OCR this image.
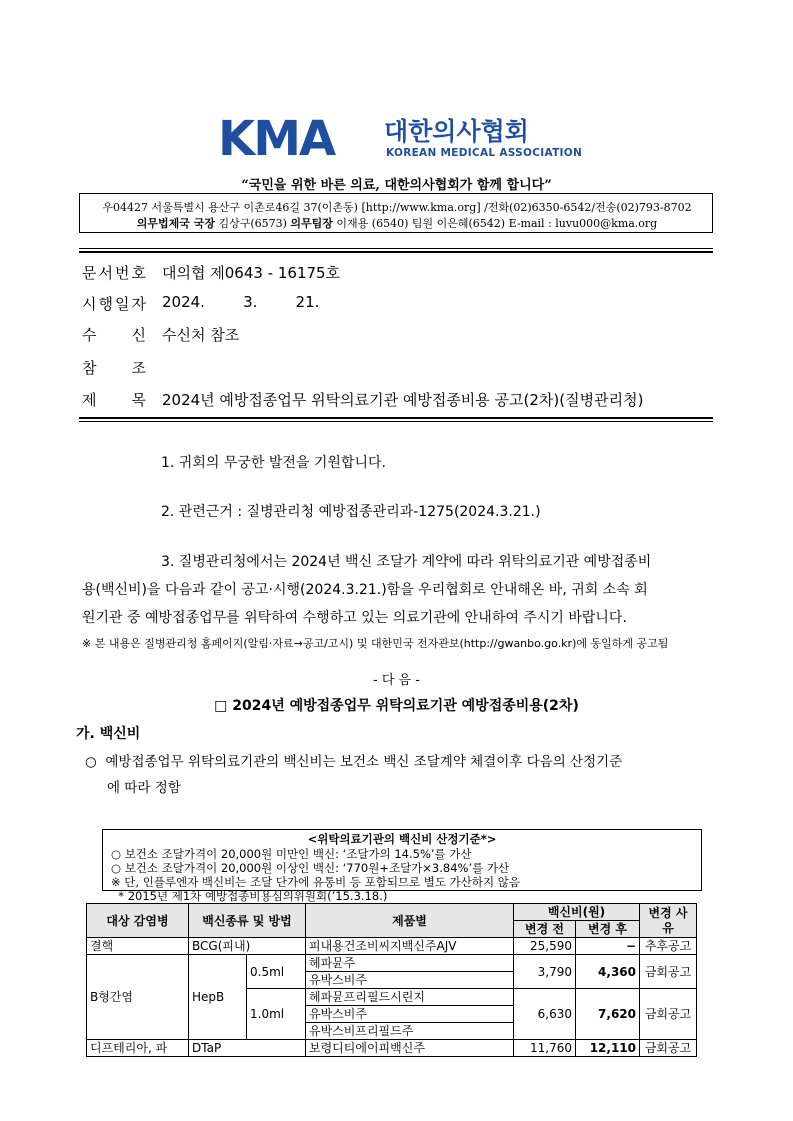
KMA 대한의사협회
KOREAN MEDICAL ASSOCIATION
“국민을 위한 바른 의료, 대한의사협회가 함께 합니다”
우04427 서울특별시 용산구 이촌로46길 37(이촌동) [http://www.kma.org] /전화(02)6350-6542/전송(02)793-8702
의무법제국 국장 김상구(6573) 의무팀장 이재용 (6540) 팀원 이은혜(6542) E-mail : luvu000@kma.org
문 서 번 호 대의협 제0643 - 16175호
시 행 일 자 2024.        3.        21.
수 신 수신처 참조
참 조
제 목 2024년 예방접종업무 위탁의료기관 예방접종비용 공고(2차)(질병관리청)
1. 귀회의 무궁한 발전을 기원합니다.
2. 관련근거 : 질병관리청 예방접종관리과-1275(2024.3.21.)
3. 질병관리청에서는 2024년 백신 조달가 계약에 따라 위탁의료기관 예방접종비
용(백신비)을 다음과 같이 공고·시행(2024.3.21.)함을 우리협회로 안내해온 바, 귀회 소속 회
원기관 중 예방접종업무를 위탁하여 수행하고 있는 의료기관에 안내하여 주시기 바랍니다.
※ 본 내용은 질병관리청 홈페이지(알림·자료→공고/고시) 및 대한민국 전자관보(http://gwanbo.go.kr)에 동일하게 공고됨
- 다 음 -
□ 2024년 예방접종업무 위탁의료기관 예방접종비용(2차)
가. 백신비
○  예방접종업무 위탁의료기관의 백신비는 보건소 백신 조달계약 체결이후 다음의 산정기준
에 따라 정함
<위탁의료기관의 백신비 산정기준*>
○ 보건소 조달가격이 20,000원 미만인 백신: ‘조달가의 14.5%’를 가산
○ 보건소 조달가격이 20,000원 이상인 백신: ‘770원+조달가×3.84%’를 가산
※ 단, 인플루엔자 백신비는 조달 단가에 유통비 등 포함되므로 별도 가산하지 않음
* 2015년 제1차 예방접종비용심의위원회(’15.3.18.)
대상 감염병	백신종류 및 방법		제품별	백신비(원)		변경 사유
				변경 전	변경 후	
결핵	BCG(피내)		피내용건조비씨지백신주AJV	25,590	−	추후공고
B형간염	HepB	0.5ml	헤파뮨주	3,790	4,360	금회공고
			유박스비주			
		1.0ml	헤파뮨프리필드시린지	6,630	7,620	금회공고
			유박스비주			
			유박스비프리필드주			
디프테리아, 파	DTaP		보령디티에이피백신주	11,760	12,110	금회공고
